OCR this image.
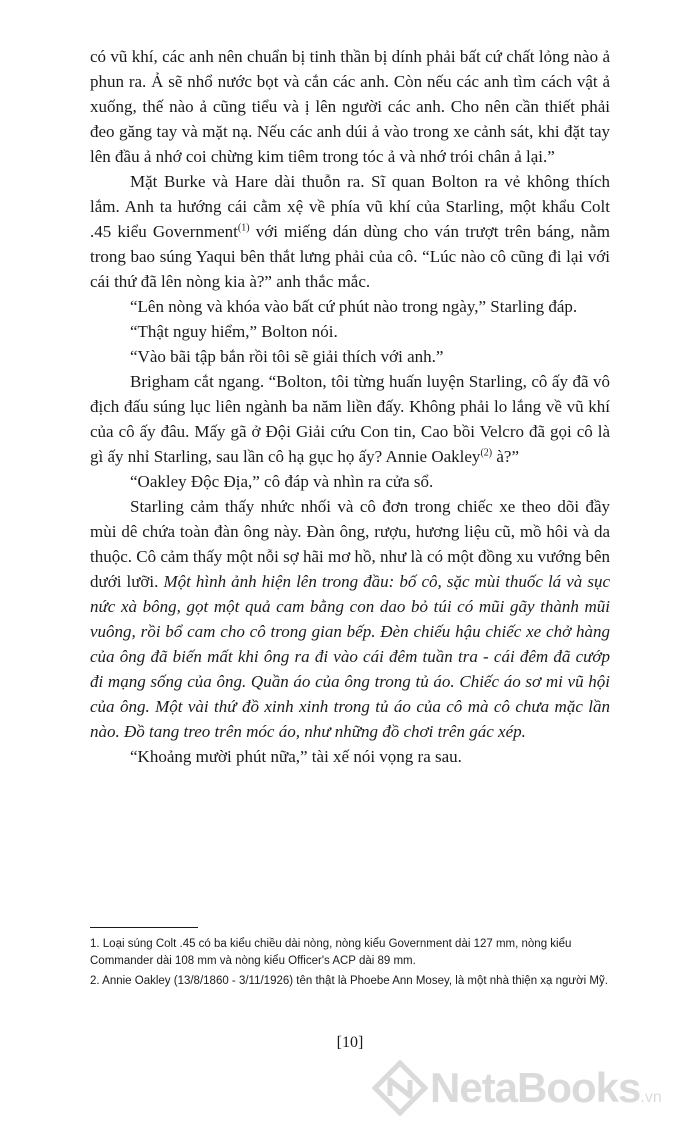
có vũ khí, các anh nên chuẩn bị tinh thần bị dính phải bất cứ chất lỏng nào ả phun ra. Ả sẽ nhổ nước bọt và cắn các anh. Còn nếu các anh tìm cách vật ả xuống, thế nào ả cũng tiểu và ị lên người các anh. Cho nên cần thiết phải đeo găng tay và mặt nạ. Nếu các anh dúi ả vào trong xe cảnh sát, khi đặt tay lên đầu ả nhớ coi chừng kim tiêm trong tóc ả và nhớ trói chân ả lại.”

Mặt Burke và Hare dài thuỗn ra. Sĩ quan Bolton ra vẻ không thích lắm. Anh ta hướng cái cằm xệ về phía vũ khí của Starling, một khẩu Colt .45 kiểu Government$^{(1)}$ với miếng dán dùng cho ván trượt trên báng, nằm trong bao súng Yaqui bên thắt lưng phải của cô. “Lúc nào cô cũng đi lại với cái thứ đã lên nòng kia à?” anh thắc mắc.

“Lên nòng và khóa vào bất cứ phút nào trong ngày,” Starling đáp.

“Thật nguy hiểm,” Bolton nói.

“Vào bãi tập bắn rồi tôi sẽ giải thích với anh.”

Brigham cắt ngang. “Bolton, tôi từng huấn luyện Starling, cô ấy đã vô địch đấu súng lục liên ngành ba năm liền đấy. Không phải lo lắng về vũ khí của cô ấy đâu. Mấy gã ở Đội Giải cứu Con tin, Cao bồi Velcro đã gọi cô là gì ấy nhỉ Starling, sau lần cô hạ gục họ ấy? Annie Oakley$^{(2)}$ à?”

“Oakley Độc Địa,” cô đáp và nhìn ra cửa sổ.

Starling cảm thấy nhức nhối và cô đơn trong chiếc xe theo dõi đầy mùi dê chứa toàn đàn ông này. Đàn ông, rượu, hương liệu cũ, mồ hôi và da thuộc. Cô cảm thấy một nỗi sợ hãi mơ hồ, như là có một đồng xu vướng bên dưới lưỡi. Một hình ảnh hiện lên trong đầu: bố cô, sặc mùi thuốc lá và sục nức xà bông, gọt một quả cam bằng con dao bỏ túi có mũi gãy thành mũi vuông, rồi bổ cam cho cô trong gian bếp. Đèn chiếu hậu chiếc xe chở hàng của ông đã biến mất khi ông ra đi vào cái đêm tuần tra - cái đêm đã cướp đi mạng sống của ông. Quần áo của ông trong tủ áo. Chiếc áo sơ mi vũ hội của ông. Một vài thứ đồ xinh xinh trong tủ áo của cô mà cô chưa mặc lần nào. Đồ tang treo trên móc áo, như những đồ chơi trên gác xép.

“Khoảng mười phút nữa,” tài xế nói vọng ra sau.

1. Loại súng Colt .45 có ba kiểu chiều dài nòng, nòng kiểu Government dài 127 mm, nòng kiểu Commander dài 108 mm và nòng kiểu Officer's ACP dài 89 mm.

2. Annie Oakley (13/8/1860 - 3/11/1926) tên thật là Phoebe Ann Mosey, là một nhà thiện xạ người Mỹ.

[10]
NetaBooks.vn
